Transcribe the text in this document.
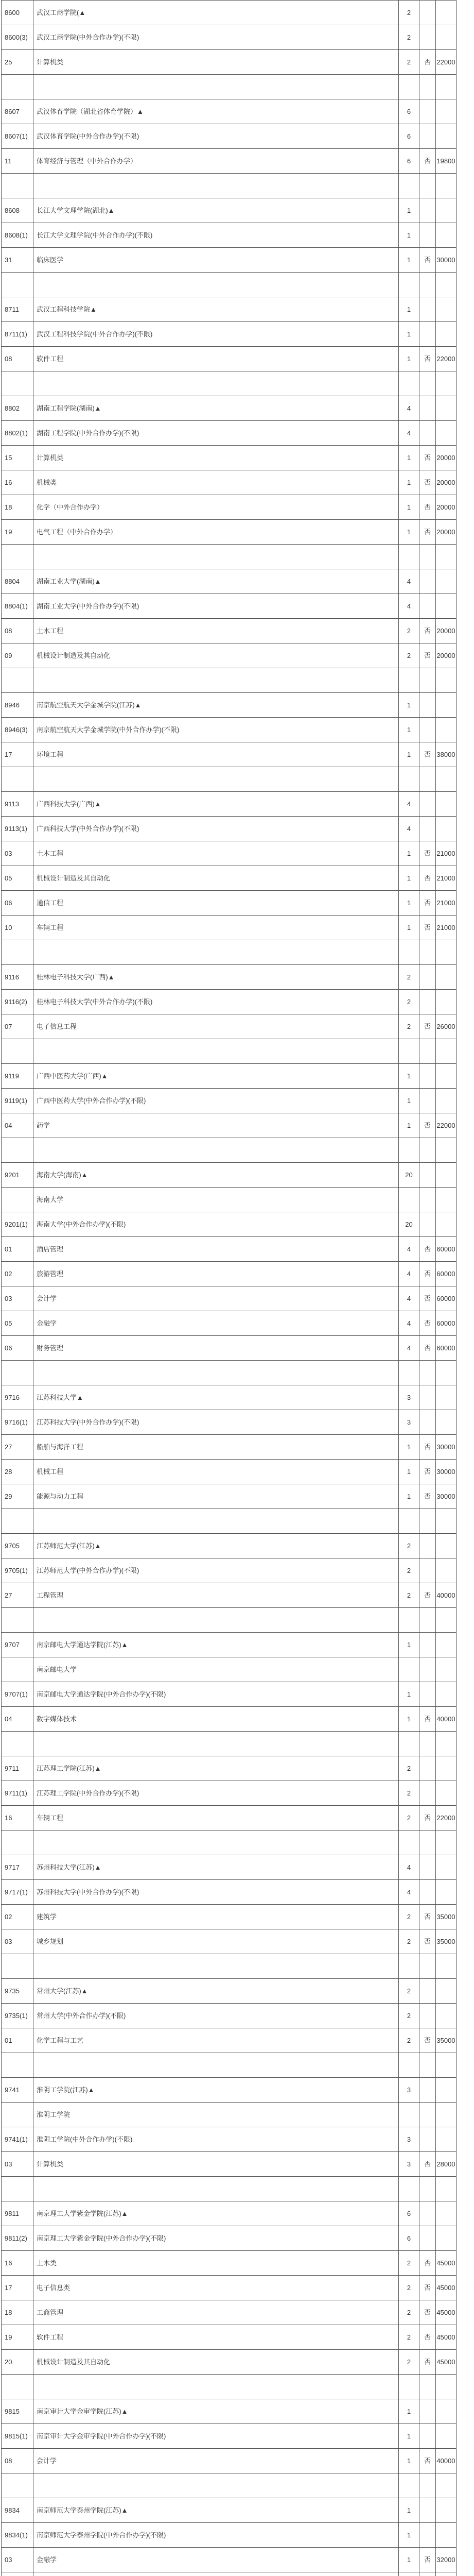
8600	武汉工商学院(▲	2		
8600(3)	武汉工商学院(中外合作办学)(不限)	2		
25	计算机类	2	否	22000

8607	武汉体育学院（湖北省体育学院）▲	6		
8607(1)	武汉体育学院(中外合作办学)(不限)	6		
11	体育经济与管理（中外合作办学）	6	否	19800

8608	长江大学文理学院(湖北)▲	1		
8608(1)	长江大学文理学院(中外合作办学)(不限)	1		
31	临床医学	1	否	30000

8711	武汉工程科技学院▲	1		
8711(1)	武汉工程科技学院(中外合作办学)(不限)	1		
08	软件工程	1	否	22000

8802	湖南工程学院(湖南)▲	4		
8802(1)	湖南工程学院(中外合作办学)(不限)	4		
15	计算机类	1	否	20000
16	机械类	1	否	20000
18	化学（中外合作办学）	1	否	20000
19	电气工程（中外合作办学）	1	否	20000

8804	湖南工业大学(湖南)▲	4		
8804(1)	湖南工业大学(中外合作办学)(不限)	4		
08	土木工程	2	否	20000
09	机械设计制造及其自动化	2	否	20000

8946	南京航空航天大学金城学院(江苏)▲	1		
8946(3)	南京航空航天大学金城学院(中外合作办学)(不限)	1		
17	环境工程	1	否	38000

9113	广西科技大学(广西)▲	4		
9113(1)	广西科技大学(中外合作办学)(不限)	4		
03	土木工程	1	否	21000
05	机械设计制造及其自动化	1	否	21000
06	通信工程	1	否	21000
10	车辆工程	1	否	21000

9116	桂林电子科技大学(广西)▲	2		
9116(2)	桂林电子科技大学(中外合作办学)(不限)	2		
07	电子信息工程	2	否	26000

9119	广西中医药大学(广西)▲	1		
9119(1)	广西中医药大学(中外合作办学)(不限)	1		
04	药学	1	否	22000

9201	海南大学(海南)▲	20		
	海南大学			
9201(1)	海南大学(中外合作办学)(不限)	20		
01	酒店管理	4	否	60000
02	旅游管理	4	否	60000
03	会计学	4	否	60000
05	金融学	4	否	60000
06	财务管理	4	否	60000

9716	江苏科技大学▲	3		
9716(1)	江苏科技大学(中外合作办学)(不限)	3		
27	船舶与海洋工程	1	否	30000
28	机械工程	1	否	30000
29	能源与动力工程	1	否	30000

9705	江苏师范大学(江苏)▲	2		
9705(1)	江苏师范大学(中外合作办学)(不限)	2		
27	工程管理	2	否	40000

9707	南京邮电大学通达学院(江苏)▲	1		
	南京邮电大学			
9707(1)	南京邮电大学通达学院(中外合作办学)(不限)	1		
04	数字媒体技术	1	否	40000

9711	江苏理工学院(江苏)▲	2		
9711(1)	江苏理工学院(中外合作办学)(不限)	2		
16	车辆工程	2	否	22000

9717	苏州科技大学(江苏)▲	4		
9717(1)	苏州科技大学(中外合作办学)(不限)	4		
02	建筑学	2	否	35000
03	城乡规划	2	否	35000

9735	常州大学(江苏)▲	2		
9735(1)	常州大学(中外合作办学)(不限)	2		
01	化学工程与工艺	2	否	35000

9741	淮阴工学院(江苏)▲	3		
	淮阴工学院			
9741(1)	淮阴工学院(中外合作办学)(不限)	3		
03	计算机类	3	否	28000

9811	南京理工大学紫金学院(江苏)▲	6		
9811(2)	南京理工大学紫金学院(中外合作办学)(不限)	6		
16	土木类	2	否	45000
17	电子信息类	2	否	45000
18	工商管理	2	否	45000
19	软件工程	2	否	45000
20	机械设计制造及其自动化	2	否	45000

9815	南京审计大学金审学院(江苏)▲	1		
9815(1)	南京审计大学金审学院(中外合作办学)(不限)	1		
08	会计学	1	否	40000

9834	南京师范大学泰州学院(江苏)▲	1		
9834(1)	南京师范大学泰州学院(中外合作办学)(不限)	1		
03	金融学	1	否	32000
